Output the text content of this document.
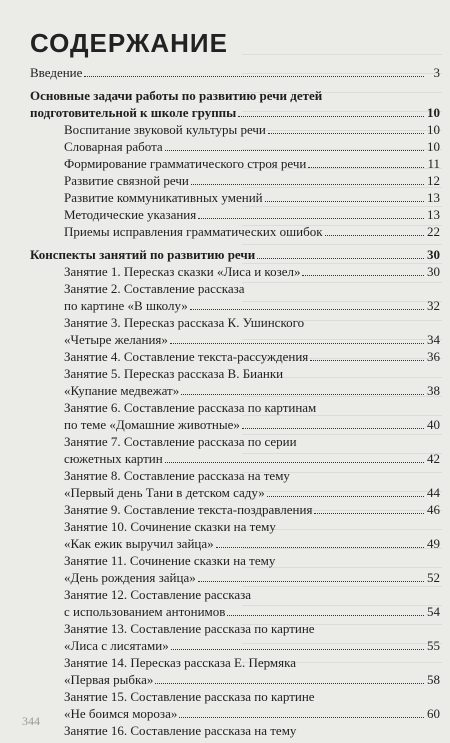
СОДЕРЖАНИЕ
Введение	3
Основные задачи работы по развитию речи детей
подготовительной к школе группы	10
Воспитание звуковой культуры речи	10
Словарная работа	10
Формирование грамматического строя речи	11
Развитие связной речи	12
Развитие коммуникативных умений	13
Методические указания	13
Приемы исправления грамматических ошибок	22
Конспекты занятий по развитию речи	30
Занятие 1. Пересказ сказки «Лиса и козел»	30
Занятие 2. Составление рассказа
по картине «В школу»	32
Занятие 3. Пересказ рассказа К. Ушинского
«Четыре желания»	34
Занятие 4. Составление текста-рассуждения	36
Занятие 5. Пересказ рассказа В. Бианки
«Купание медвежат»	38
Занятие 6. Составление рассказа по картинам
по теме «Домашние животные»	40
Занятие 7. Составление рассказа по серии
сюжетных картин	42
Занятие 8. Составление рассказа на тему
«Первый день Тани в детском саду»	44
Занятие 9. Составление текста-поздравления	46
Занятие 10. Сочинение сказки на тему
«Как ежик выручил зайца»	49
Занятие 11. Сочинение сказки на тему
«День рождения зайца»	52
Занятие 12. Составление рассказа
с использованием антонимов	54
Занятие 13. Составление рассказа по картине
«Лиса с лисятами»	55
Занятие 14. Пересказ рассказа Е. Пермяка
«Первая рыбка»	58
Занятие 15. Составление рассказа по картине
«Не боимся мороза»	60
Занятие 16. Составление рассказа на тему
344
